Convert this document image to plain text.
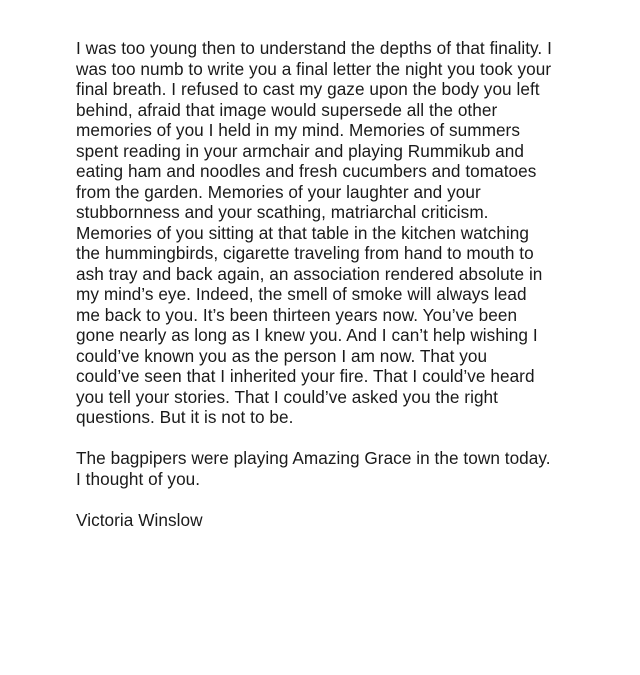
I was too young then to understand the depths of that finality. I
was too numb to write you a final letter the night you took your
final breath. I refused to cast my gaze upon the body you left
behind, afraid that image would supersede all the other
memories of you I held in my mind. Memories of summers
spent reading in your armchair and playing Rummikub and
eating ham and noodles and fresh cucumbers and tomatoes
from the garden. Memories of your laughter and your
stubbornness and your scathing, matriarchal criticism.
Memories of you sitting at that table in the kitchen watching
the hummingbirds, cigarette traveling from hand to mouth to
ash tray and back again, an association rendered absolute in
my mind’s eye. Indeed, the smell of smoke will always lead
me back to you. It’s been thirteen years now. You’ve been
gone nearly as long as I knew you. And I can’t help wishing I
could’ve known you as the person I am now. That you
could’ve seen that I inherited your fire. That I could’ve heard
you tell your stories. That I could’ve asked you the right
questions. But it is not to be.
The bagpipers were playing Amazing Grace in the town today.
I thought of you.
Victoria Winslow
